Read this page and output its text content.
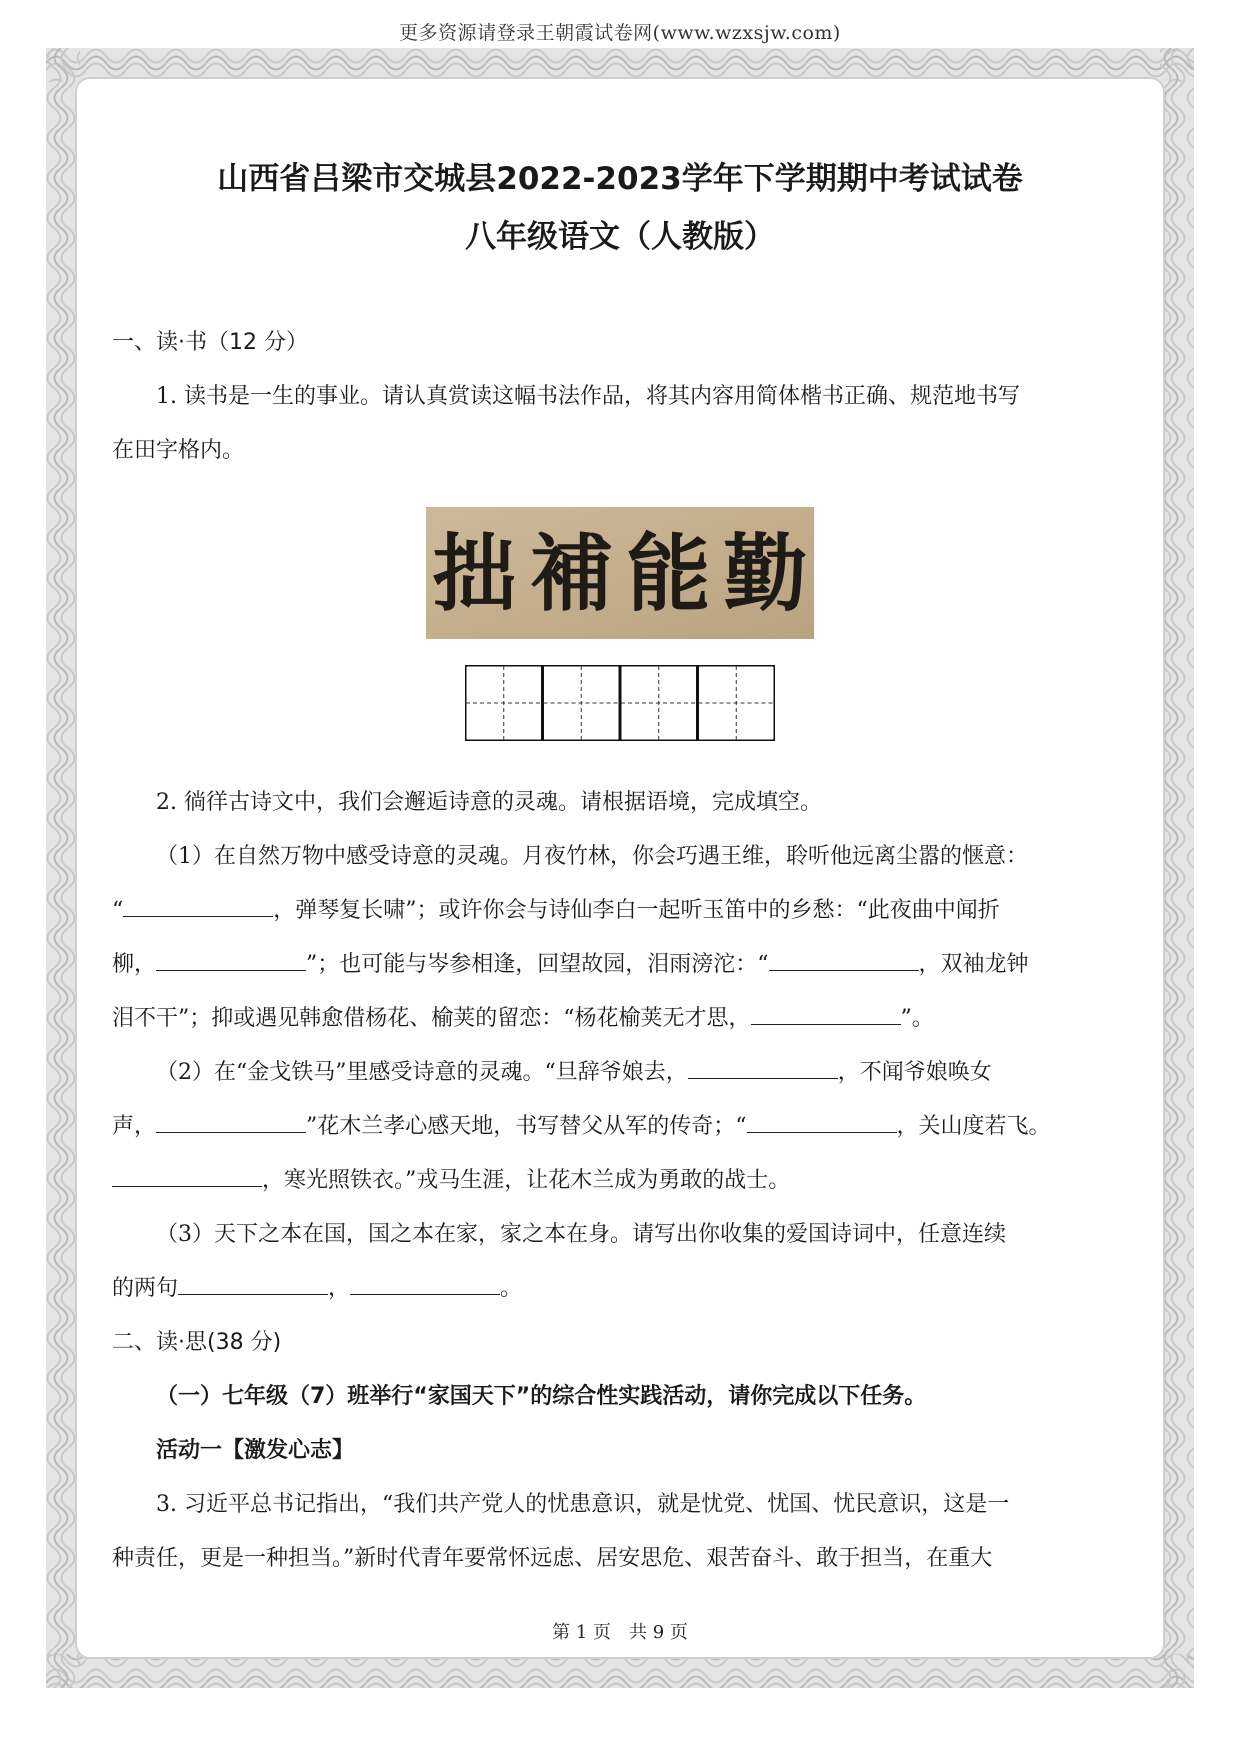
更多资源请登录王朝霞试卷网(www.wzxsjw.com)

山西省吕梁市交城县2022-2023学年下学期期中考试试卷

八年级语文（人教版）

一、读·书（12 分）

1. 读书是一生的事业。请认真赏读这幅书法作品，将其内容用简体楷书正确、规范地书写

在田字格内。

2. 徜徉古诗文中，我们会邂逅诗意的灵魂。请根据语境，完成填空。

（1）在自然万物中感受诗意的灵魂。月夜竹林，你会巧遇王维，聆听他远离尘嚣的惬意：

“	，弹琴复长啸”；或许你会与诗仙李白一起听玉笛中的乡愁：“此夜曲中闻折

柳，	”；也可能与岑参相逢，回望故园，泪雨滂沱：“	，双袖龙钟

泪不干”；抑或遇见韩愈借杨花、榆荚的留恋：“杨花榆荚无才思，	”。

（2）在“金戈铁马”里感受诗意的灵魂。“旦辞爷娘去，	，不闻爷娘唤女

声，	”花木兰孝心感天地，书写替父从军的传奇；“	，关山度若飞。

，寒光照铁衣。”戎马生涯，让花木兰成为勇敢的战士。

（3）天下之本在国，国之本在家，家之本在身。请写出你收集的爱国诗词中，任意连续

的两句	，	。

二、读·思(38 分)

（一）七年级（7）班举行“家国天下”的综合性实践活动，请你完成以下任务。

活动一【激发心志】

3. 习近平总书记指出，“我们共产党人的忧患意识，就是忧党、忧国、忧民意识，这是一

种责任，更是一种担当。”新时代青年要常怀远虑、居安思危、艰苦奋斗、敢于担当，在重大

拙 補 能 勤
第 1 页　共 9 页
